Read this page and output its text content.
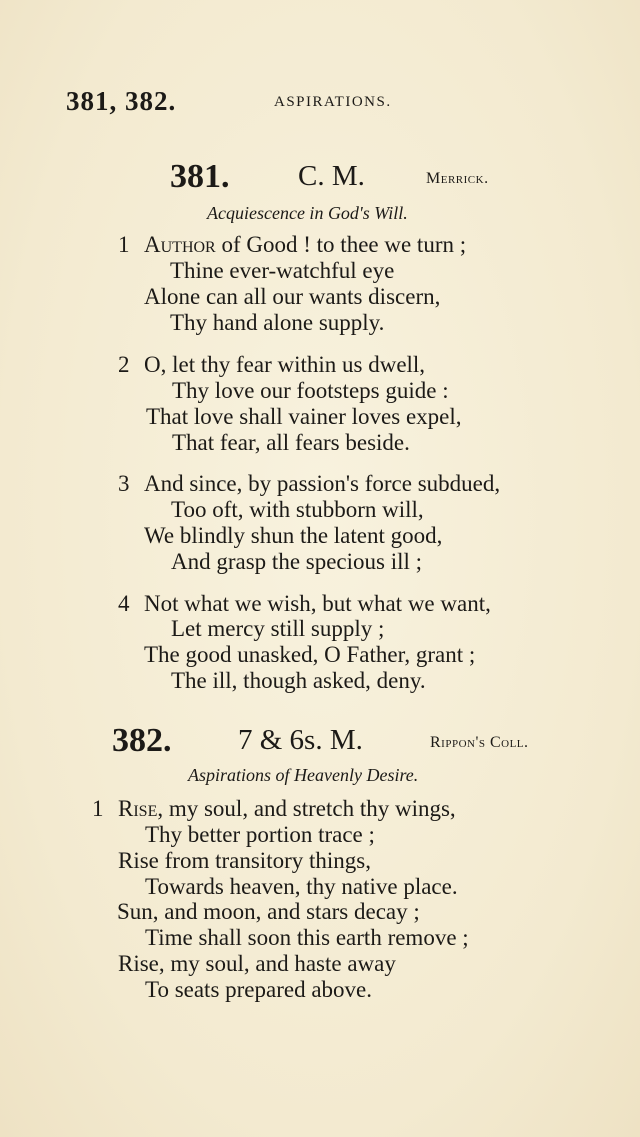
381, 382.	ASPIRATIONS.
381. C. M.	Merrick.
Acquiescence in God's Will.
1 Author of Good ! to thee we turn ;
Thine ever-watchful eye
Alone can all our wants discern,
Thy hand alone supply.
2 O, let thy fear within us dwell,
Thy love our footsteps guide :
That love shall vainer loves expel,
That fear, all fears beside.
3 And since, by passion's force subdued,
Too oft, with stubborn will,
We blindly shun the latent good,
And grasp the specious ill ;
4 Not what we wish, but what we want,
Let mercy still supply ;
The good unasked, O Father, grant ;
The ill, though asked, deny.
382. 7 & 6s. M.	Rippon's Coll.
Aspirations of Heavenly Desire.
1 Rise, my soul, and stretch thy wings,
Thy better portion trace ;
Rise from transitory things,
Towards heaven, thy native place.
Sun, and moon, and stars decay ;
Time shall soon this earth remove ;
Rise, my soul, and haste away
To seats prepared above.
